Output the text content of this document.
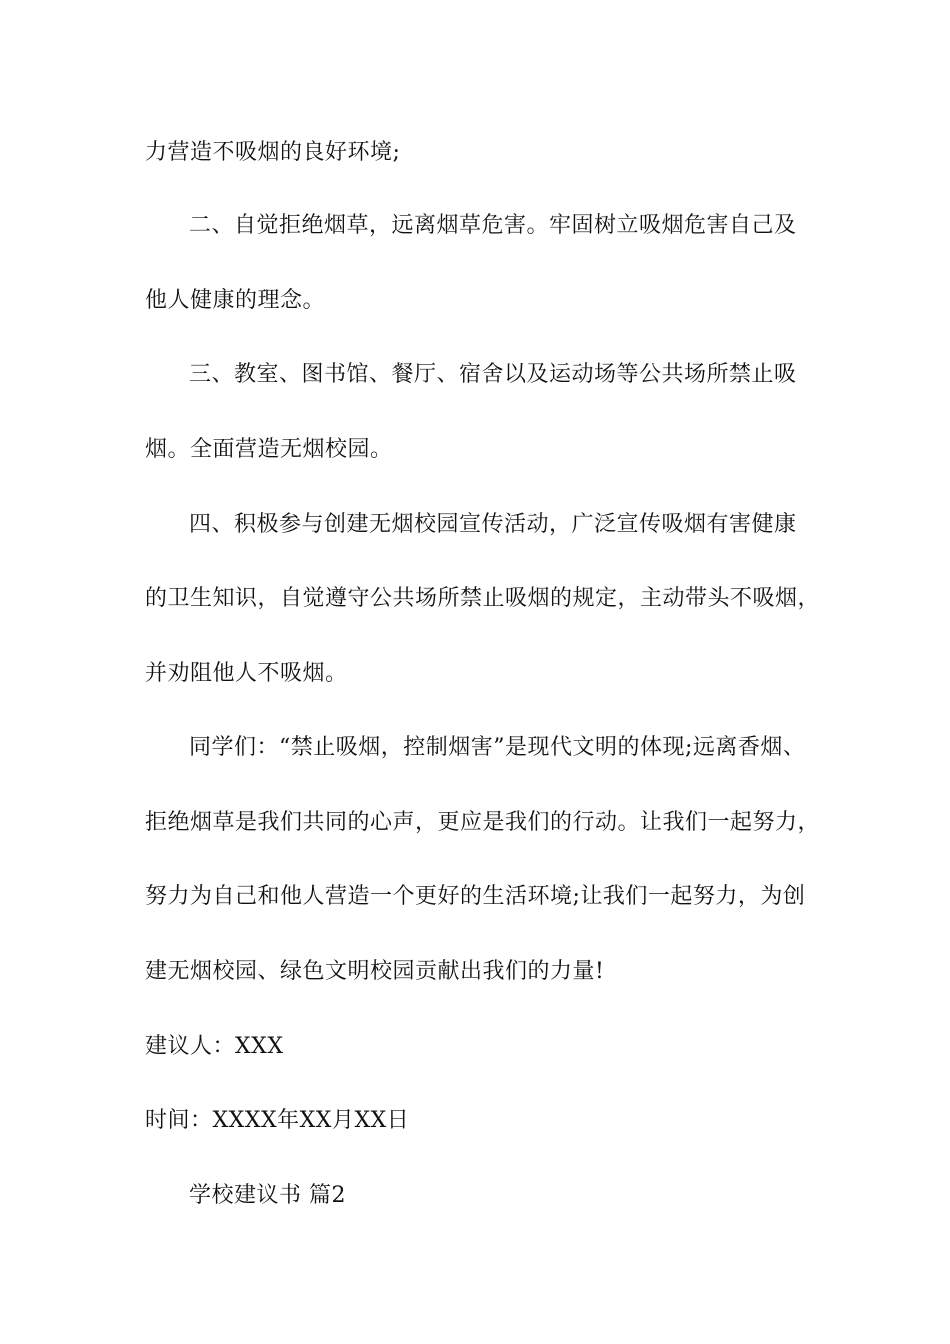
力营造不吸烟的良好环境;
二、自觉拒绝烟草，远离烟草危害。牢固树立吸烟危害自己及
他人健康的理念。
三、教室、图书馆、餐厅、宿舍以及运动场等公共场所禁止吸
烟。全面营造无烟校园。
四、积极参与创建无烟校园宣传活动，广泛宣传吸烟有害健康
的卫生知识，自觉遵守公共场所禁止吸烟的规定，主动带头不吸烟，
并劝阻他人不吸烟。
同学们：“禁止吸烟，控制烟害”是现代文明的体现;远离香烟、
拒绝烟草是我们共同的心声，更应是我们的行动。让我们一起努力，
努力为自己和他人营造一个更好的生活环境;让我们一起努力，为创
建无烟校园、绿色文明校园贡献出我们的力量!
建议人：XXX
时间：XXXX年XX月XX日
学校建议书 篇2
